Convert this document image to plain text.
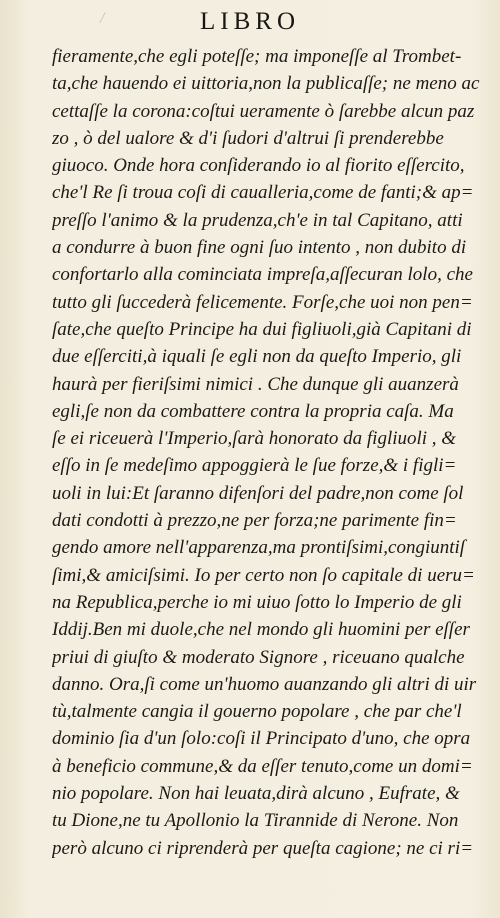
/	LIBRO
fieramente,che egli poteſſe; ma imponeſſe al Trombet‑
ta,che hauendo ei uittoria,non la publicaſſe; ne meno ac
cettaſſe la corona:coſtui ueramente ò ſarebbe alcun paz
zo , ò del ualore & d'i ſudori d'altrui ſi prenderebbe
giuoco. Onde hora conſiderando io al fiorito eſſercito,
che'l Re ſi troua coſi di caualleria,come de fanti;& ap=
preſſo l'animo & la prudenza,ch'e in tal Capitano, atti
a condurre à buon fine ogni ſuo intento , non dubito di
confortarlo alla cominciata impreſa,aſſecuran lolo, che
tutto gli ſuccederà felicemente. Forſe,che uoi non pen=
ſate,che queſto Principe ha dui figliuoli,già Capitani di
due eſſerciti,à iquali ſe egli non da queſto Imperio, gli
haurà per fieriſsimi nimici . Che dunque gli auanzerà
egli,ſe non da combattere contra la propria caſa. Ma
ſe ei riceuerà l'Imperio,ſarà honorato da figliuoli , &
eſſo in ſe medeſimo appoggierà le ſue forze,& i figli=
uoli in lui:Et ſaranno difenſori del padre,non come ſol
dati condotti à prezzo,ne per forza;ne parimente fin=
gendo amore nell'apparenza,ma prontiſsimi,congiuntiſ
ſimi,& amiciſsimi. Io per certo non ſo capitale di ueru=
na Republica,perche io mi uiuo ſotto lo Imperio de gli
Iddij.Ben mi duole,che nel mondo gli huomini per eſſer
priui di giuſto & moderato Signore , riceuano qualche
danno. Ora,ſi come un'huomo auanzando gli altri di uir
tù,talmente cangia il gouerno popolare , che par che'l
dominio ſia d'un ſolo:coſi il Principato d'uno, che opra
à beneficio commune,& da eſſer tenuto,come un domi=
nio popolare. Non hai leuata,dirà alcuno , Eufrate, &
tu Dione,ne tu Apollonio la Tirannide di Nerone. Non
però alcuno ci riprenderà per queſta cagione; ne ci ri=
